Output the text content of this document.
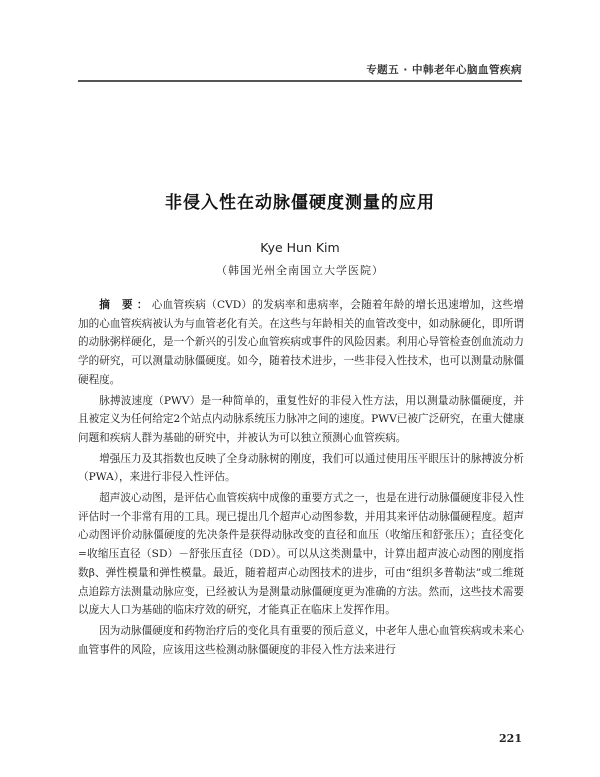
专题五 · 中韩老年心脑血管疾病
非侵入性在动脉僵硬度测量的应用
Kye Hun Kim
（韩国光州全南国立大学医院）

摘 要：心血管疾病（CVD）的发病率和患病率，会随着年龄的增长迅速增加，这些增加的心血管疾病被认为与血管老化有关。在这些与年龄相关的血管改变中，如动脉硬化，即所谓的动脉粥样硬化，是一个新兴的引发心血管疾病或事件的风险因素。利用心导管检查创血流动力学的研究，可以测量动脉僵硬度。如今，随着技术进步，一些非侵入性技术，也可以测量动脉僵硬程度。

脉搏波速度（PWV）是一种简单的，重复性好的非侵入性方法，用以测量动脉僵硬度，并且被定义为任何给定2个站点内动脉系统压力脉冲之间的速度。PWV已被广泛研究，在重大健康问题和疾病人群为基础的研究中，并被认为可以独立预测心血管疾病。

增强压力及其指数也反映了全身动脉树的刚度，我们可以通过使用压平眼压计的脉搏波分析（PWA），来进行非侵入性评估。

超声波心动图，是评估心血管疾病中成像的重要方式之一，也是在进行动脉僵硬度非侵入性评估时一个非常有用的工具。现已提出几个超声心动图参数，并用其来评估动脉僵硬程度。超声心动图评价动脉僵硬度的先决条件是获得动脉改变的直径和血压（收缩压和舒张压）；直径变化=收缩压直径（SD）－舒张压直径（DD）。可以从这类测量中，计算出超声波心动图的刚度指数β、弹性模量和弹性模量。最近，随着超声心动图技术的进步，可由“组织多普勒法”或二维斑点追踪方法测量动脉应变，已经被认为是测量动脉僵硬度更为准确的方法。然而，这些技术需要以庞大人口为基础的临床疗效的研究，才能真正在临床上发挥作用。

因为动脉僵硬度和药物治疗后的变化具有重要的预后意义，中老年人患心血管疾病或未来心血管事件的风险，应该用这些检测动脉僵硬度的非侵入性方法来进行

221
